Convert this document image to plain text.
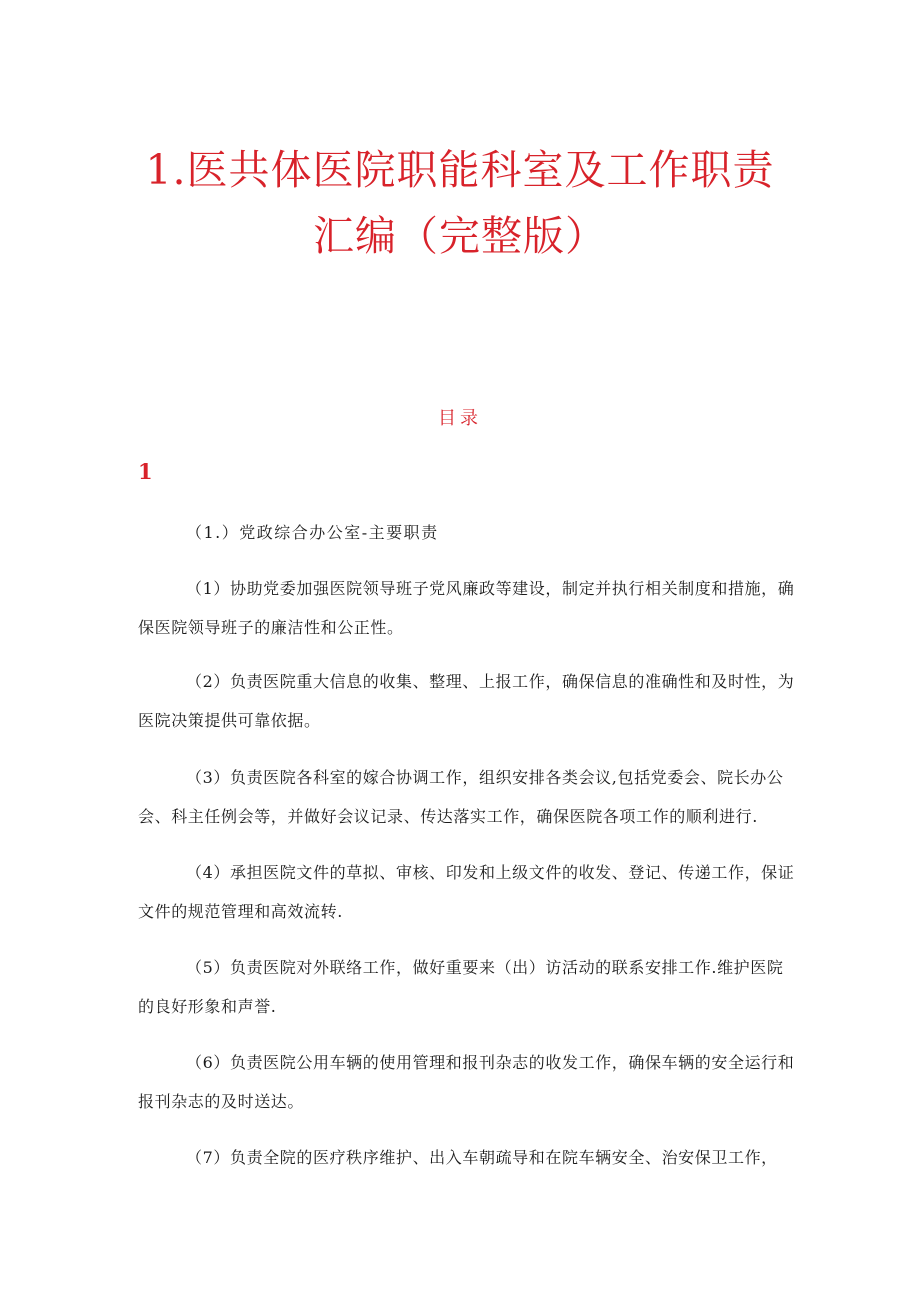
1.医共体医院职能科室及工作职责
汇编（完整版）
目录
1
（1.）党政综合办公室-主要职责

（1）协助党委加强医院领导班子党风廉政等建设，制定并执行相关制度和措施，确保医院领导班子的廉洁性和公正性。

（2）负责医院重大信息的收集、整理、上报工作，确保信息的准确性和及时性，为医院决策提供可靠依据。

（3）负责医院各科室的嫁合协调工作，组织安排各类会议,包括党委会、院长办公会、科主任例会等，并做好会议记录、传达落实工作，确保医院各项工作的顺利进行.

（4）承担医院文件的草拟、审核、印发和上级文件的收发、登记、传递工作，保证文件的规范管理和高效流转.

（5）负责医院对外联络工作，做好重要来（出）访活动的联系安排工作.维护医院的良好形象和声誉.

（6）负责医院公用车辆的使用管理和报刊杂志的收发工作，确保车辆的安全运行和报刊杂志的及时送达。

（7）负责全院的医疗秩序维护、出入车朝疏导和在院车辆安全、治安保卫工作，
